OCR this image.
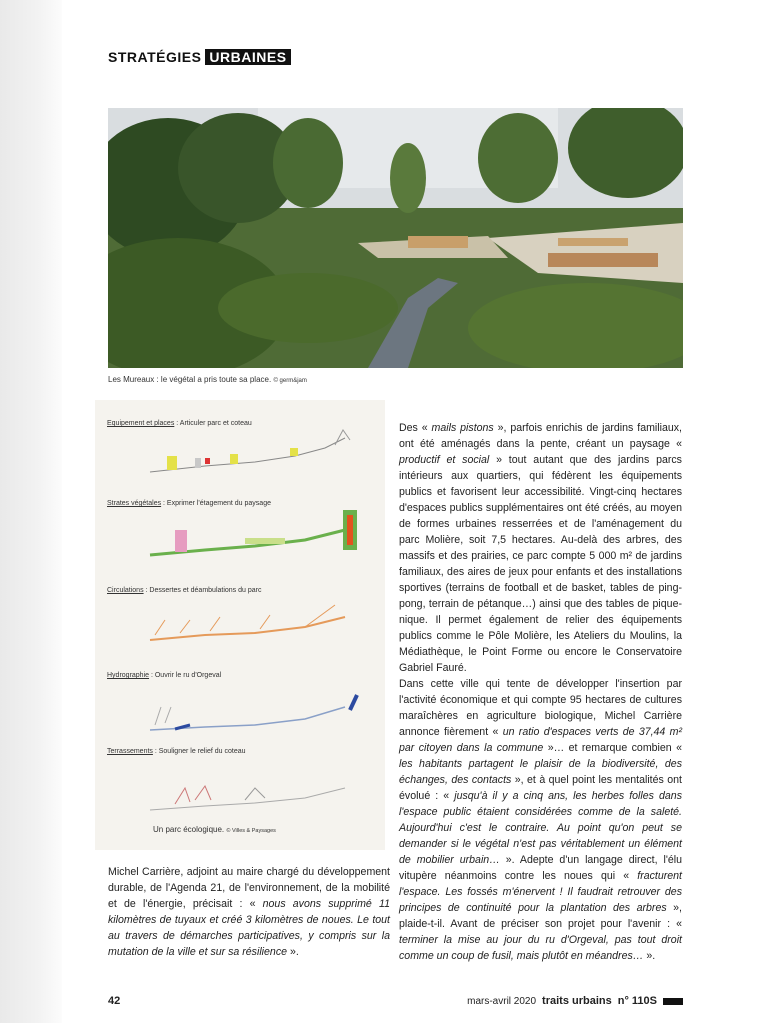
STRATÉGIES URBAINES
Les Mureaux : le végétal a pris toute sa place. © germ&jam
Equipement et places : Articuler parc et coteau
Strates végétales : Exprimer l'étagement du paysage
Circulations : Dessertes et déambulations du parc
Hydrographie : Ouvrir le ru d'Orgeval
Terrassements : Souligner le relief du coteau
Un parc écologique. © Villes & Paysages

Michel Carrière, adjoint au maire chargé du développement durable, de l'Agenda 21, de l'environnement, de la mobilité et de l'énergie, précisait : « nous avons supprimé 11 kilomètres de tuyaux et créé 3 kilomètres de noues. Le tout au travers de démarches participatives, y compris sur la mutation de la ville et sur sa résilience ».

Des « mails pistons », parfois enrichis de jardins familiaux, ont été aménagés dans la pente, créant un paysage « productif et social » tout autant que des jardins parcs intérieurs aux quartiers, qui fédèrent les équipements publics et favorisent leur accessibilité. Vingt-cinq hectares d'espaces publics supplémentaires ont été créés, au moyen de formes urbaines resserrées et de l'aménagement du parc Molière, soit 7,5 hectares. Au-delà des arbres, des massifs et des prairies, ce parc compte 5 000 m² de jardins familiaux, des aires de jeux pour enfants et des installations sportives (terrains de football et de basket, tables de ping- pong, terrain de pétanque…) ainsi que des tables de pique-nique. Il permet également de relier des équipements publics comme le Pôle Molière, les Ateliers du Moulins, la Médiathèque, le Point Forme ou encore le Conservatoire Gabriel Fauré.

Dans cette ville qui tente de développer l'insertion par l'activité économique et qui compte 95 hectares de cultures maraîchères en agriculture biologique, Michel Carrière annonce fièrement « un ratio d'espaces verts de 37,44 m² par citoyen dans la commune »… et remarque combien « les habitants partagent le plaisir de la biodiversité, des échanges, des contacts », et à quel point les mentalités ont évolué : « jusqu'à il y a cinq ans, les herbes folles dans l'espace public étaient considérées comme de la saleté. Aujourd'hui c'est le contraire. Au point qu'on peut se demander si le végétal n'est pas véritablement un élément de mobilier urbain… ». Adepte d'un langage direct, l'élu vitupère néanmoins contre les noues qui « fracturent l'espace. Les fossés m'énervent ! Il faudrait retrouver des principes de continuité pour la plantation des arbres », plaide-t-il. Avant de préciser son projet pour l'avenir : « terminer la mise au jour du ru d'Orgeval, pas tout droit comme un coup de fusil, mais plutôt en méandres… ».

42	mars-avril 2020 traits urbains n° 110S
